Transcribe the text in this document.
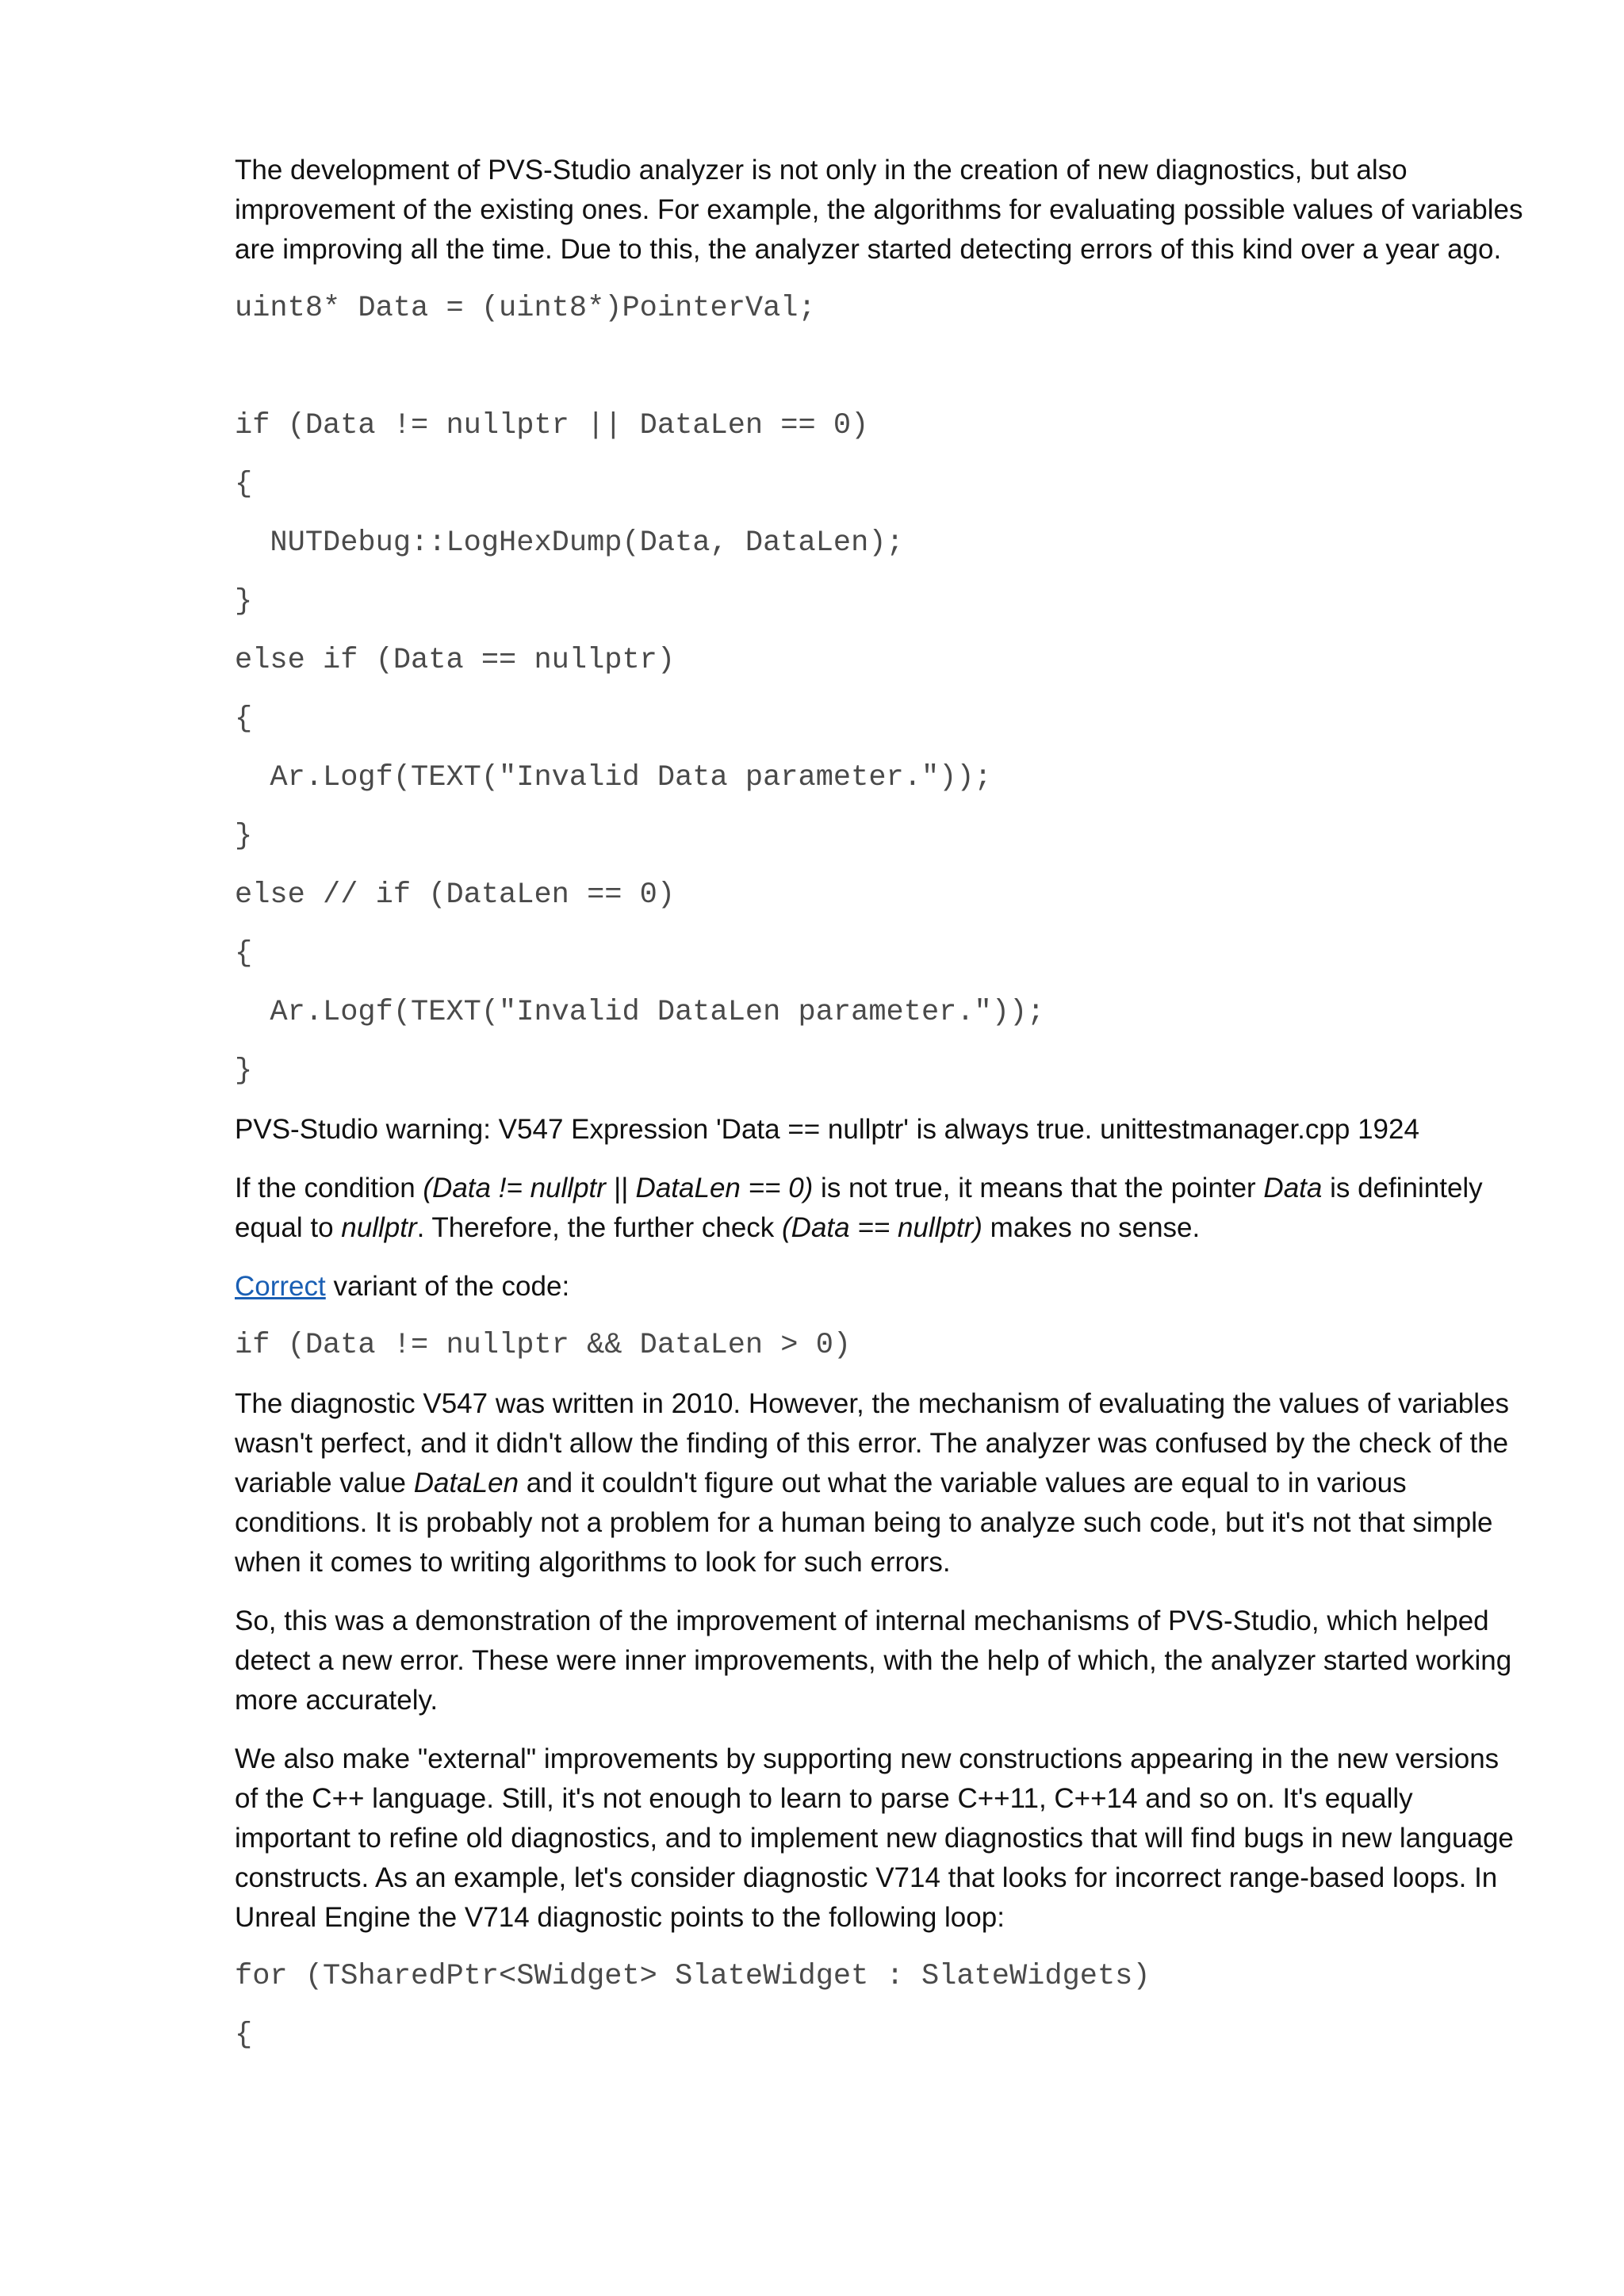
The development of PVS-Studio analyzer is not only in the creation of new diagnostics, but also improvement of the existing ones. For example, the algorithms for evaluating possible values of variables are improving all the time. Due to this, the analyzer started detecting errors of this kind over a year ago.

uint8* Data = (uint8*)PointerVal;
if (Data != nullptr || DataLen == 0)
{
NUTDebug::LogHexDump(Data, DataLen);
}
else if (Data == nullptr)
{
Ar.Logf(TEXT("Invalid Data parameter."));
}
else // if (DataLen == 0)
{
Ar.Logf(TEXT("Invalid DataLen parameter."));
}

PVS-Studio warning: V547 Expression 'Data == nullptr' is always true. unittestmanager.cpp 1924

If the condition (Data != nullptr || DataLen == 0) is not true, it means that the pointer Data is definintely equal to nullptr. Therefore, the further check (Data == nullptr) makes no sense.

Correct variant of the code:

if (Data != nullptr && DataLen > 0)

The diagnostic V547 was written in 2010. However, the mechanism of evaluating the values of variables wasn't perfect, and it didn't allow the finding of this error. The analyzer was confused by the check of the variable value DataLen and it couldn't figure out what the variable values are equal to in various conditions. It is probably not a problem for a human being to analyze such code, but it's not that simple when it comes to writing algorithms to look for such errors.

So, this was a demonstration of the improvement of internal mechanisms of PVS-Studio, which helped detect a new error. These were inner improvements, with the help of which, the analyzer started working more accurately.

We also make "external" improvements by supporting new constructions appearing in the new versions of the C++ language. Still, it's not enough to learn to parse C++11, C++14 and so on. It's equally important to refine old diagnostics, and to implement new diagnostics that will find bugs in new language constructs. As an example, let's consider diagnostic V714 that looks for incorrect range-based loops. In Unreal Engine the V714 diagnostic points to the following loop:

for (TSharedPtr<SWidget> SlateWidget : SlateWidgets)
{
